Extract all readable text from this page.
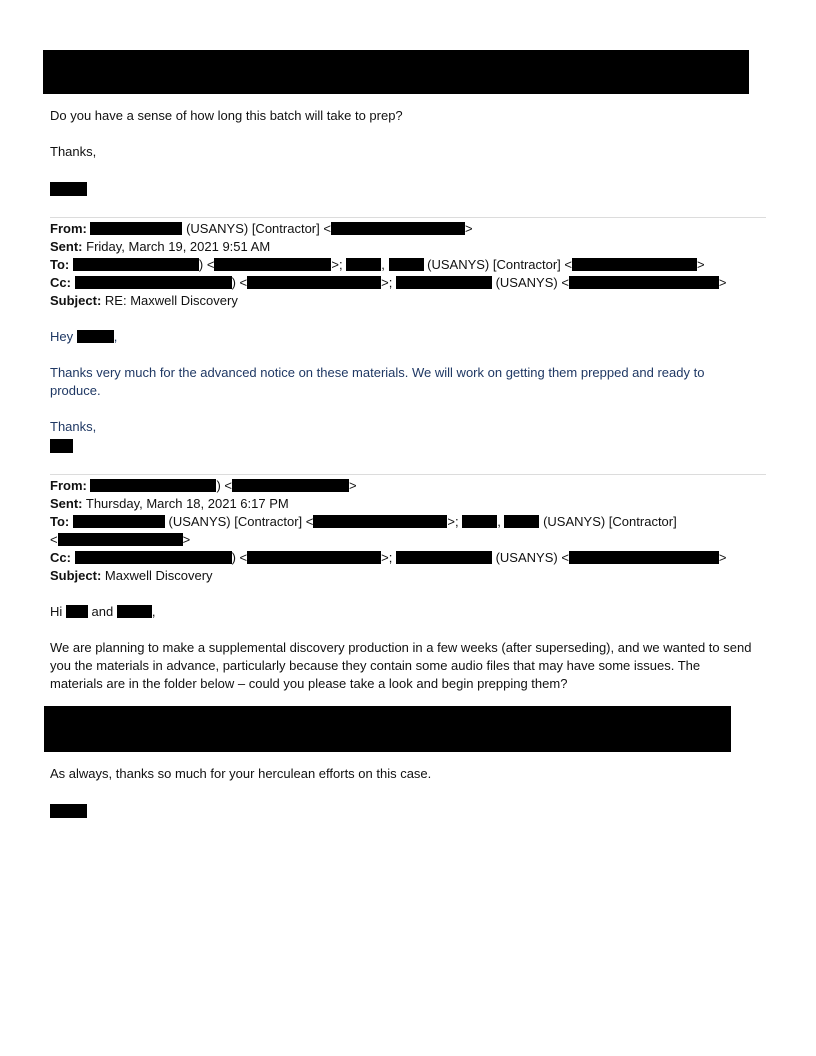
Do you have a sense of how long this batch will take to prep?
Thanks,
From:	(USANYS) [Contractor] <	>
Sent: Friday, March 19, 2021 9:51 AM
To:	) <	>;	,	(USANYS) [Contractor] <	>
Cc:	) <	>;	(USANYS) <	>
Subject: RE: Maxwell Discovery
Hey	,
Thanks very much for the advanced notice on these materials. We will work on getting them prepped and ready to produce.
Thanks,
From:	) <	>
Sent: Thursday, March 18, 2021 6:17 PM
To:	(USANYS) [Contractor] <	>;	,	(USANYS) [Contractor]
<	>
Cc:	) <	>;	(USANYS) <	>
Subject: Maxwell Discovery
Hi and	,
We are planning to make a supplemental discovery production in a few weeks (after superseding), and we wanted to send you the materials in advance, particularly because they contain some audio files that may have some issues. The materials are in the folder below – could you please take a look and begin prepping them?
As always, thanks so much for your herculean efforts on this case.
